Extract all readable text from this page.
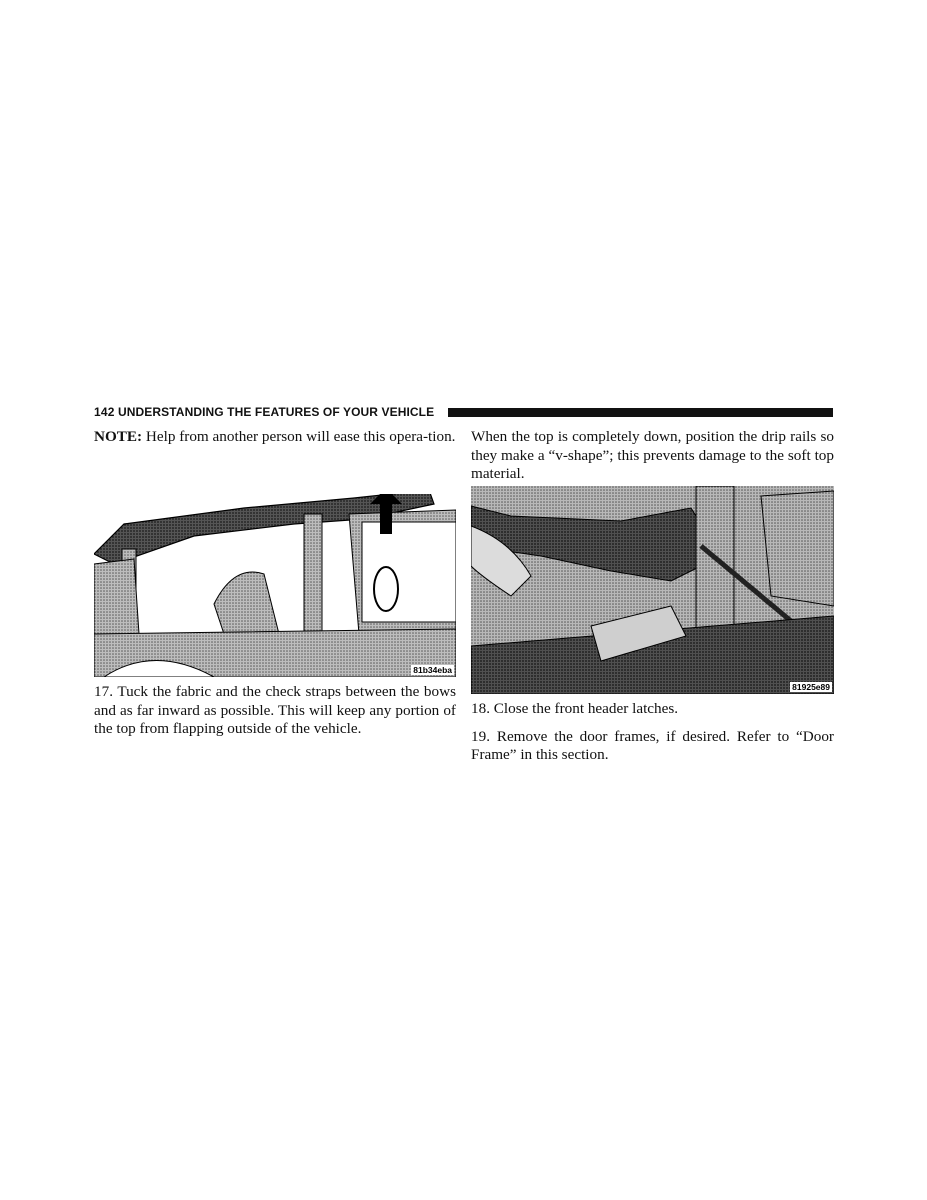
142 UNDERSTANDING THE FEATURES OF YOUR VEHICLE

NOTE: Help from another person will ease this opera-tion.

81b34eba

17. Tuck the fabric and the check straps between the bows and as far inward as possible. This will keep any portion of the top from flapping outside of the vehicle.

When the top is completely down, position the drip rails so they make a “v-shape”; this prevents damage to the soft top material.

81925e89

18. Close the front header latches.

19. Remove the door frames, if desired. Refer to “Door Frame” in this section.
